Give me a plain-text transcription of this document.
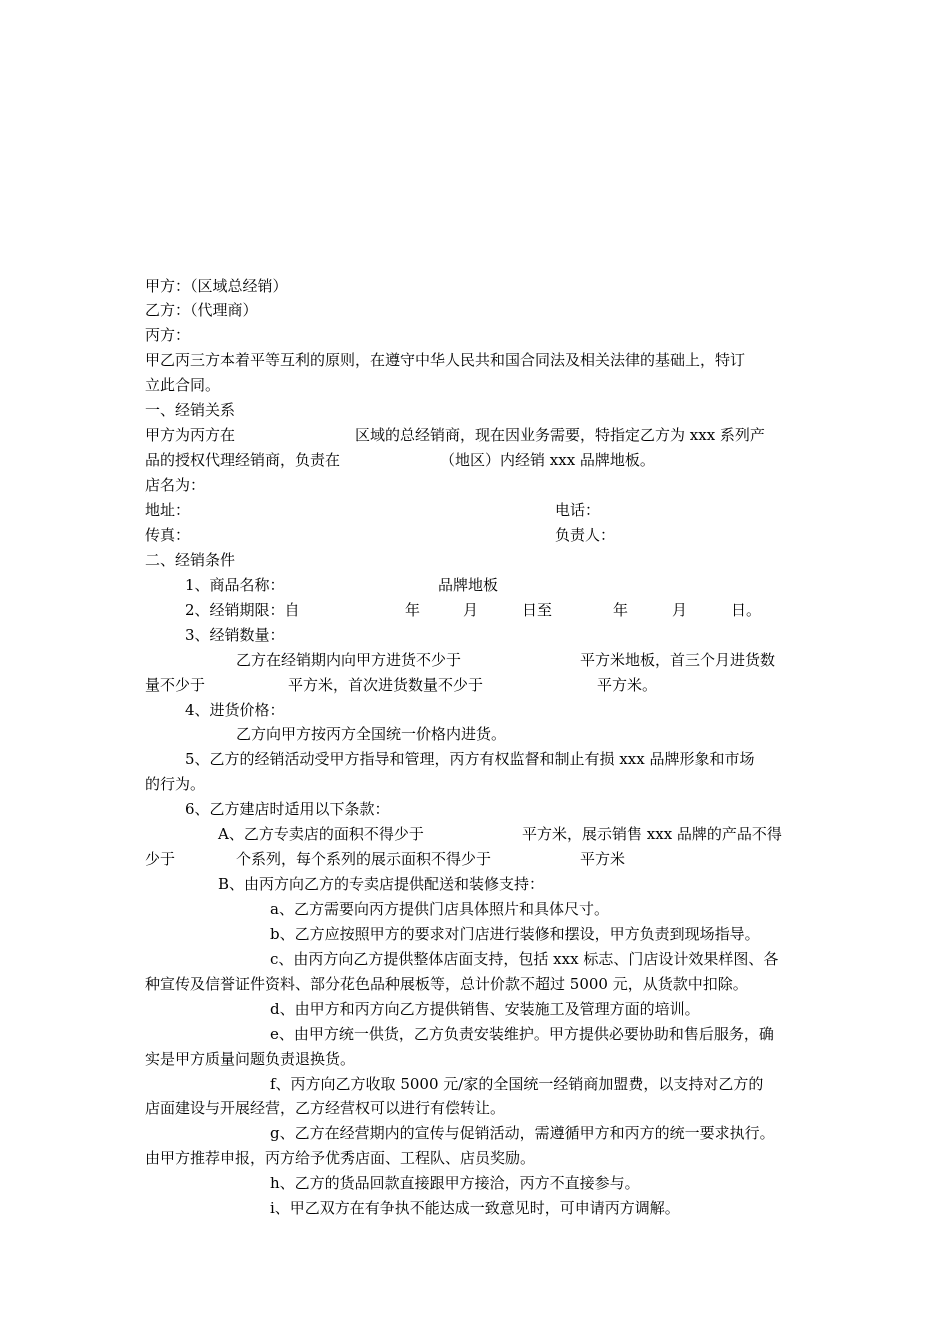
甲方：（区域总经销）
乙方：（代理商）
丙方：
甲乙丙三方本着平等互利的原则，在遵守中华人民共和国合同法及相关法律的基础上，特订
立此合同。
一、经销关系
甲方为丙方在	区域的总经销商，现在因业务需要，特指定乙方为 xxx 系列产
品的授权代理经销商，负责在	（地区）内经销 xxx 品牌地板。
店名为：
地址：	电话：
传真：	负责人：
二、经销条件
1、商品名称：	品牌地板
2、经销期限：自	年	月	日至	年	月	日。
3、经销数量：
乙方在经销期内向甲方进货不少于	平方米地板，首三个月进货数
量不少于	平方米，首次进货数量不少于	平方米。
4、进货价格：
乙方向甲方按丙方全国统一价格内进货。
5、乙方的经销活动受甲方指导和管理，丙方有权监督和制止有损 xxx 品牌形象和市场
的行为。
6、乙方建店时适用以下条款：
A、乙方专卖店的面积不得少于	平方米，展示销售 xxx 品牌的产品不得
少于	个系列，每个系列的展示面积不得少于	平方米
B、由丙方向乙方的专卖店提供配送和装修支持：
a、乙方需要向丙方提供门店具体照片和具体尺寸。
b、乙方应按照甲方的要求对门店进行装修和摆设，甲方负责到现场指导。
c、由丙方向乙方提供整体店面支持，包括 xxx 标志、门店设计效果样图、各
种宣传及信誉证件资料、部分花色品种展板等，总计价款不超过 5000 元，从货款中扣除。
d、由甲方和丙方向乙方提供销售、安装施工及管理方面的培训。
e、由甲方统一供货，乙方负责安装维护。甲方提供必要协助和售后服务，确
实是甲方质量问题负责退换货。
f、丙方向乙方收取 5000 元/家的全国统一经销商加盟费，以支持对乙方的
店面建设与开展经营，乙方经营权可以进行有偿转让。
g、乙方在经营期内的宣传与促销活动，需遵循甲方和丙方的统一要求执行。
由甲方推荐申报，丙方给予优秀店面、工程队、店员奖励。
h、乙方的货品回款直接跟甲方接洽，丙方不直接参与。
i、甲乙双方在有争执不能达成一致意见时，可申请丙方调解。
